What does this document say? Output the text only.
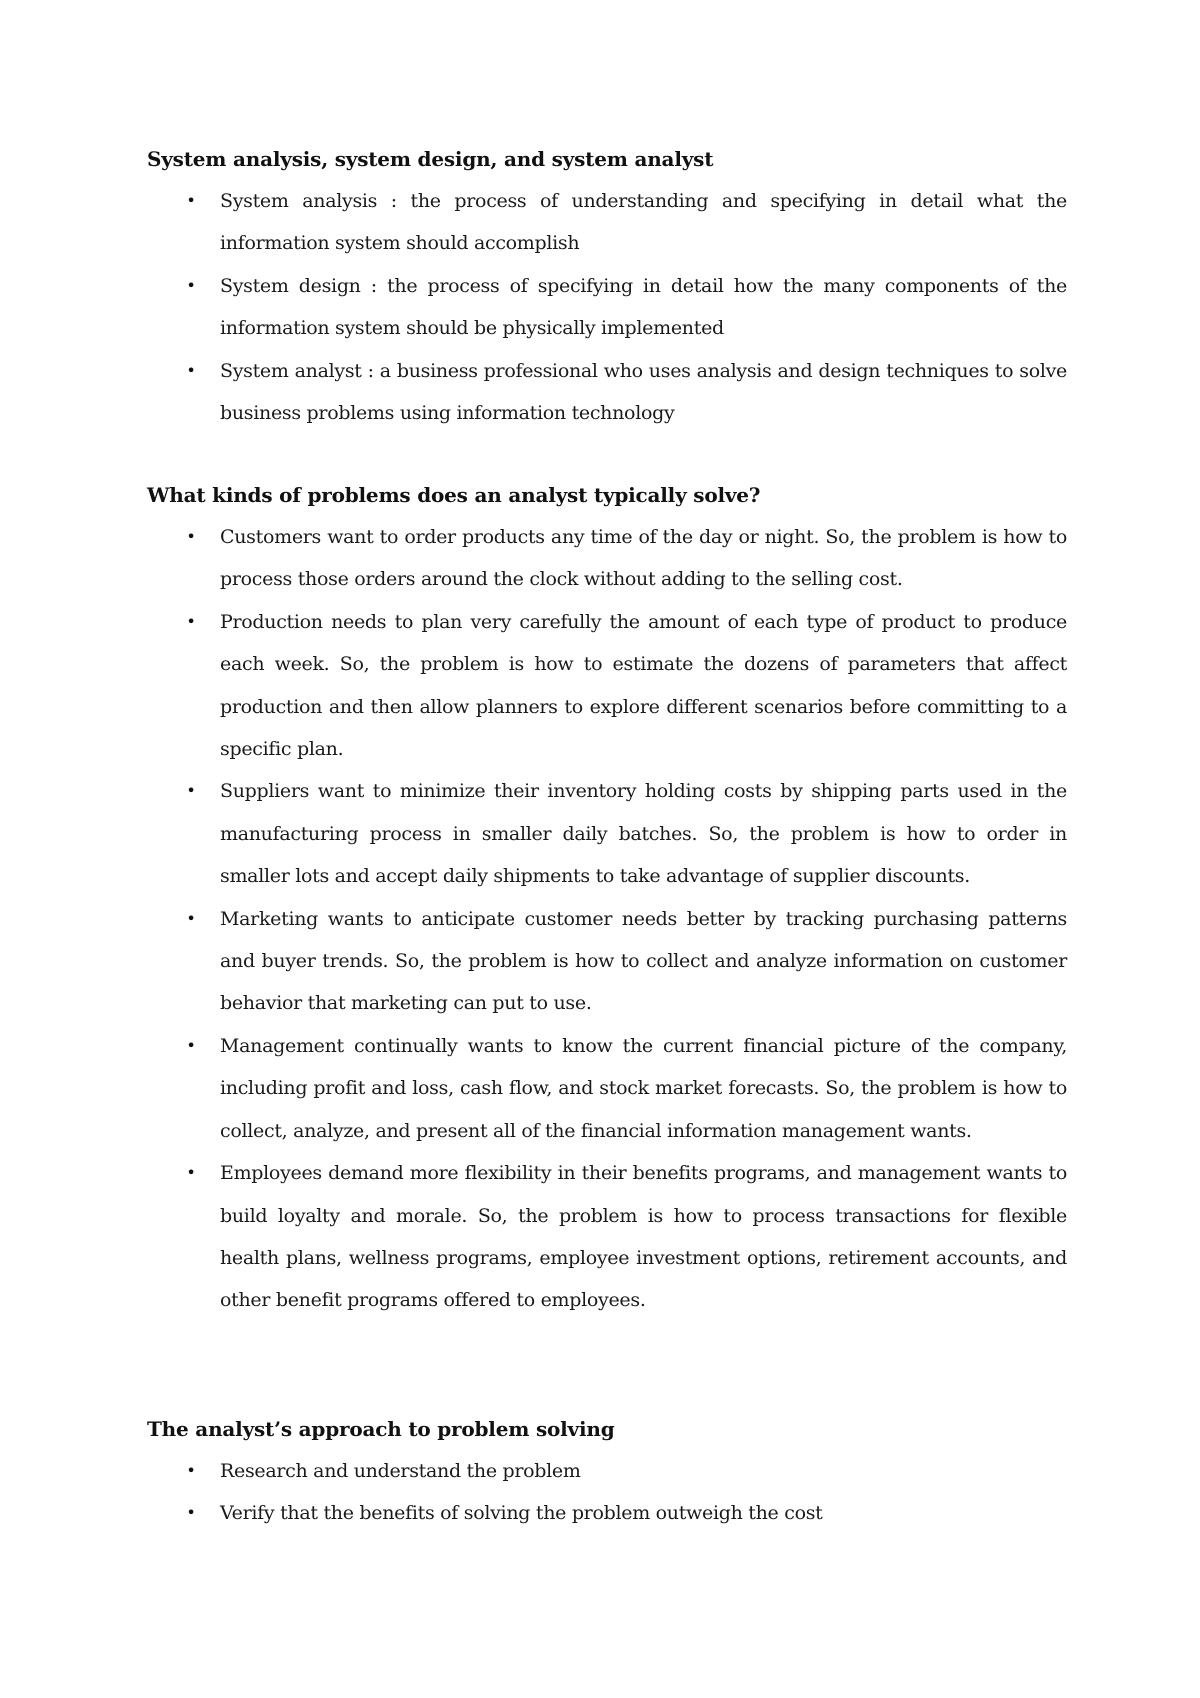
System analysis, system design, and system analyst
• System analysis : the process of understanding and specifying in detail what the information system should accomplish
• System design : the process of specifying in detail how the many components of the information system should be physically implemented
• System analyst : a business professional who uses analysis and design techniques to solve business problems using information technology
What kinds of problems does an analyst typically solve?
• Customers want to order products any time of the day or night. So, the problem is how to process those orders around the clock without adding to the selling cost.
• Production needs to plan very carefully the amount of each type of product to produce each week. So, the problem is how to estimate the dozens of parameters that affect production and then allow planners to explore different scenarios before committing to a specific plan.
• Suppliers want to minimize their inventory holding costs by shipping parts used in the manufacturing process in smaller daily batches. So, the problem is how to order in smaller lots and accept daily shipments to take advantage of supplier discounts.
• Marketing wants to anticipate customer needs better by tracking purchasing patterns and buyer trends. So, the problem is how to collect and analyze information on customer behavior that marketing can put to use.
• Management continually wants to know the current financial picture of the company, including profit and loss, cash flow, and stock market forecasts. So, the problem is how to collect, analyze, and present all of the financial information management wants.
• Employees demand more flexibility in their benefits programs, and management wants to build loyalty and morale. So, the problem is how to process transactions for flexible health plans, wellness programs, employee investment options, retirement accounts, and other benefit programs offered to employees.
The analyst’s approach to problem solving
• Research and understand the problem
• Verify that the benefits of solving the problem outweigh the cost
